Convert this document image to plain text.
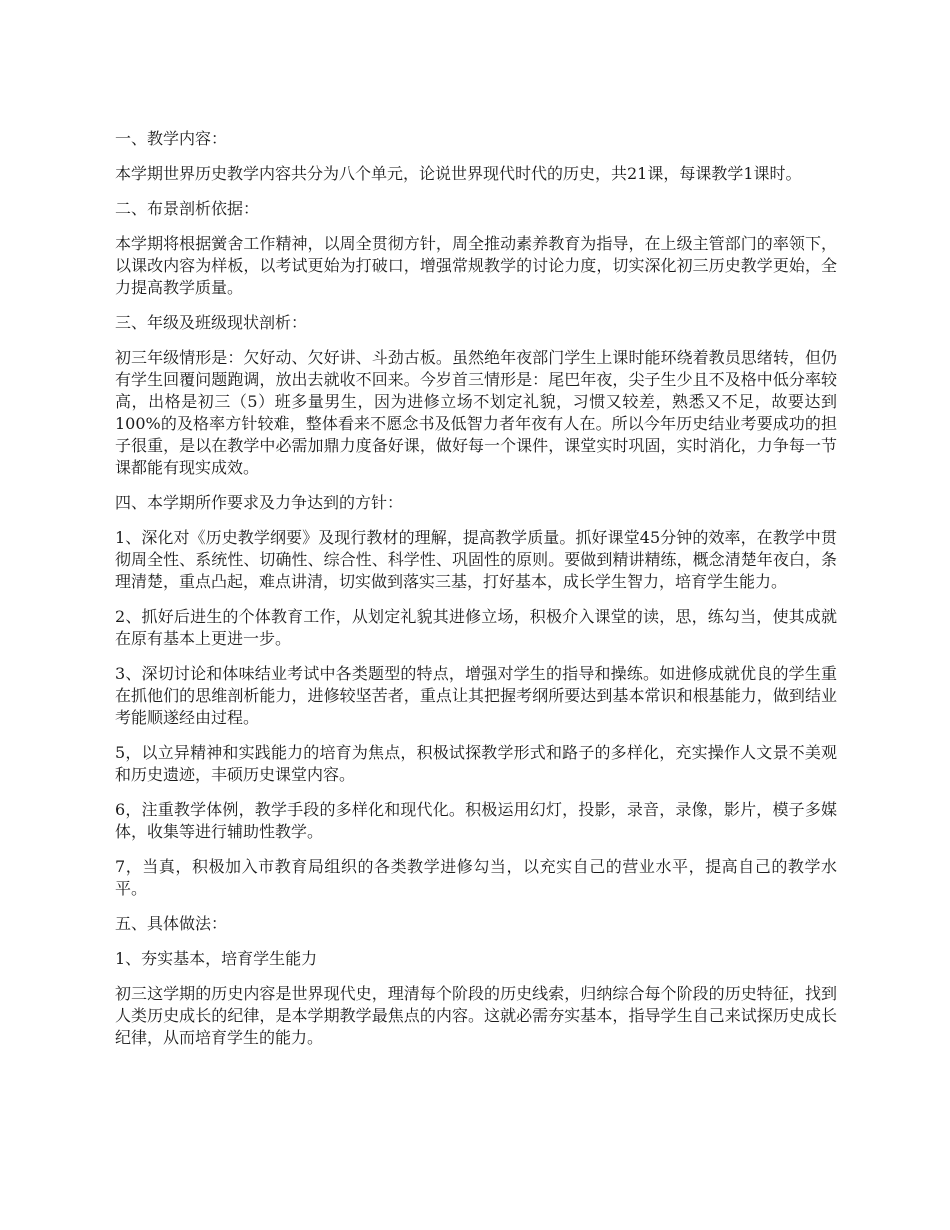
一、教学内容：

本学期世界历史教学内容共分为八个单元，论说世界现代时代的历史，共21课，每课教学1课时。

二、布景剖析依据：

本学期将根据黉舍工作精神，以周全贯彻方针，周全推动素养教育为指导，在上级主管部门的率领下，以课改内容为样板，以考试更始为打破口，增强常规教学的讨论力度，切实深化初三历史教学更始，全力提高教学质量。

三、年级及班级现状剖析：

初三年级情形是：欠好动、欠好讲、斗劲古板。虽然绝年夜部门学生上课时能环绕着教员思绪转，但仍有学生回覆问题跑调，放出去就收不回来。今岁首三情形是：尾巴年夜，尖子生少且不及格中低分率较高，出格是初三（5）班多量男生，因为进修立场不划定礼貌，习惯又较差，熟悉又不足，故要达到100%的及格率方针较难，整体看来不愿念书及低智力者年夜有人在。所以今年历史结业考要成功的担子很重，是以在教学中必需加鼎力度备好课，做好每一个课件，课堂实时巩固，实时消化，力争每一节课都能有现实成效。

四、本学期所作要求及力争达到的方针：

1、深化对《历史教学纲要》及现行教材的理解，提高教学质量。抓好课堂45分钟的效率，在教学中贯彻周全性、系统性、切确性、综合性、科学性、巩固性的原则。要做到精讲精练，概念清楚年夜白，条理清楚，重点凸起，难点讲清，切实做到落实三基，打好基本，成长学生智力，培育学生能力。

2、抓好后进生的个体教育工作，从划定礼貌其进修立场，积极介入课堂的读，思，练勾当，使其成就在原有基本上更进一步。

3、深切讨论和体味结业考试中各类题型的特点，增强对学生的指导和操练。如进修成就优良的学生重在抓他们的思维剖析能力，进修较坚苦者，重点让其把握考纲所要达到基本常识和根基能力，做到结业考能顺遂经由过程。

5，以立异精神和实践能力的培育为焦点，积极试探教学形式和路子的多样化，充实操作人文景不美观和历史遗迹，丰硕历史课堂内容。

6，注重教学体例，教学手段的多样化和现代化。积极运用幻灯，投影，录音，录像，影片，模子多媒体，收集等进行辅助性教学。

7，当真，积极加入市教育局组织的各类教学进修勾当，以充实自己的营业水平，提高自己的教学水平。

五、具体做法：

1、夯实基本，培育学生能力

初三这学期的历史内容是世界现代史，理清每个阶段的历史线索，归纳综合每个阶段的历史特征，找到人类历史成长的纪律，是本学期教学最焦点的内容。这就必需夯实基本，指导学生自己来试探历史成长纪律，从而培育学生的能力。
